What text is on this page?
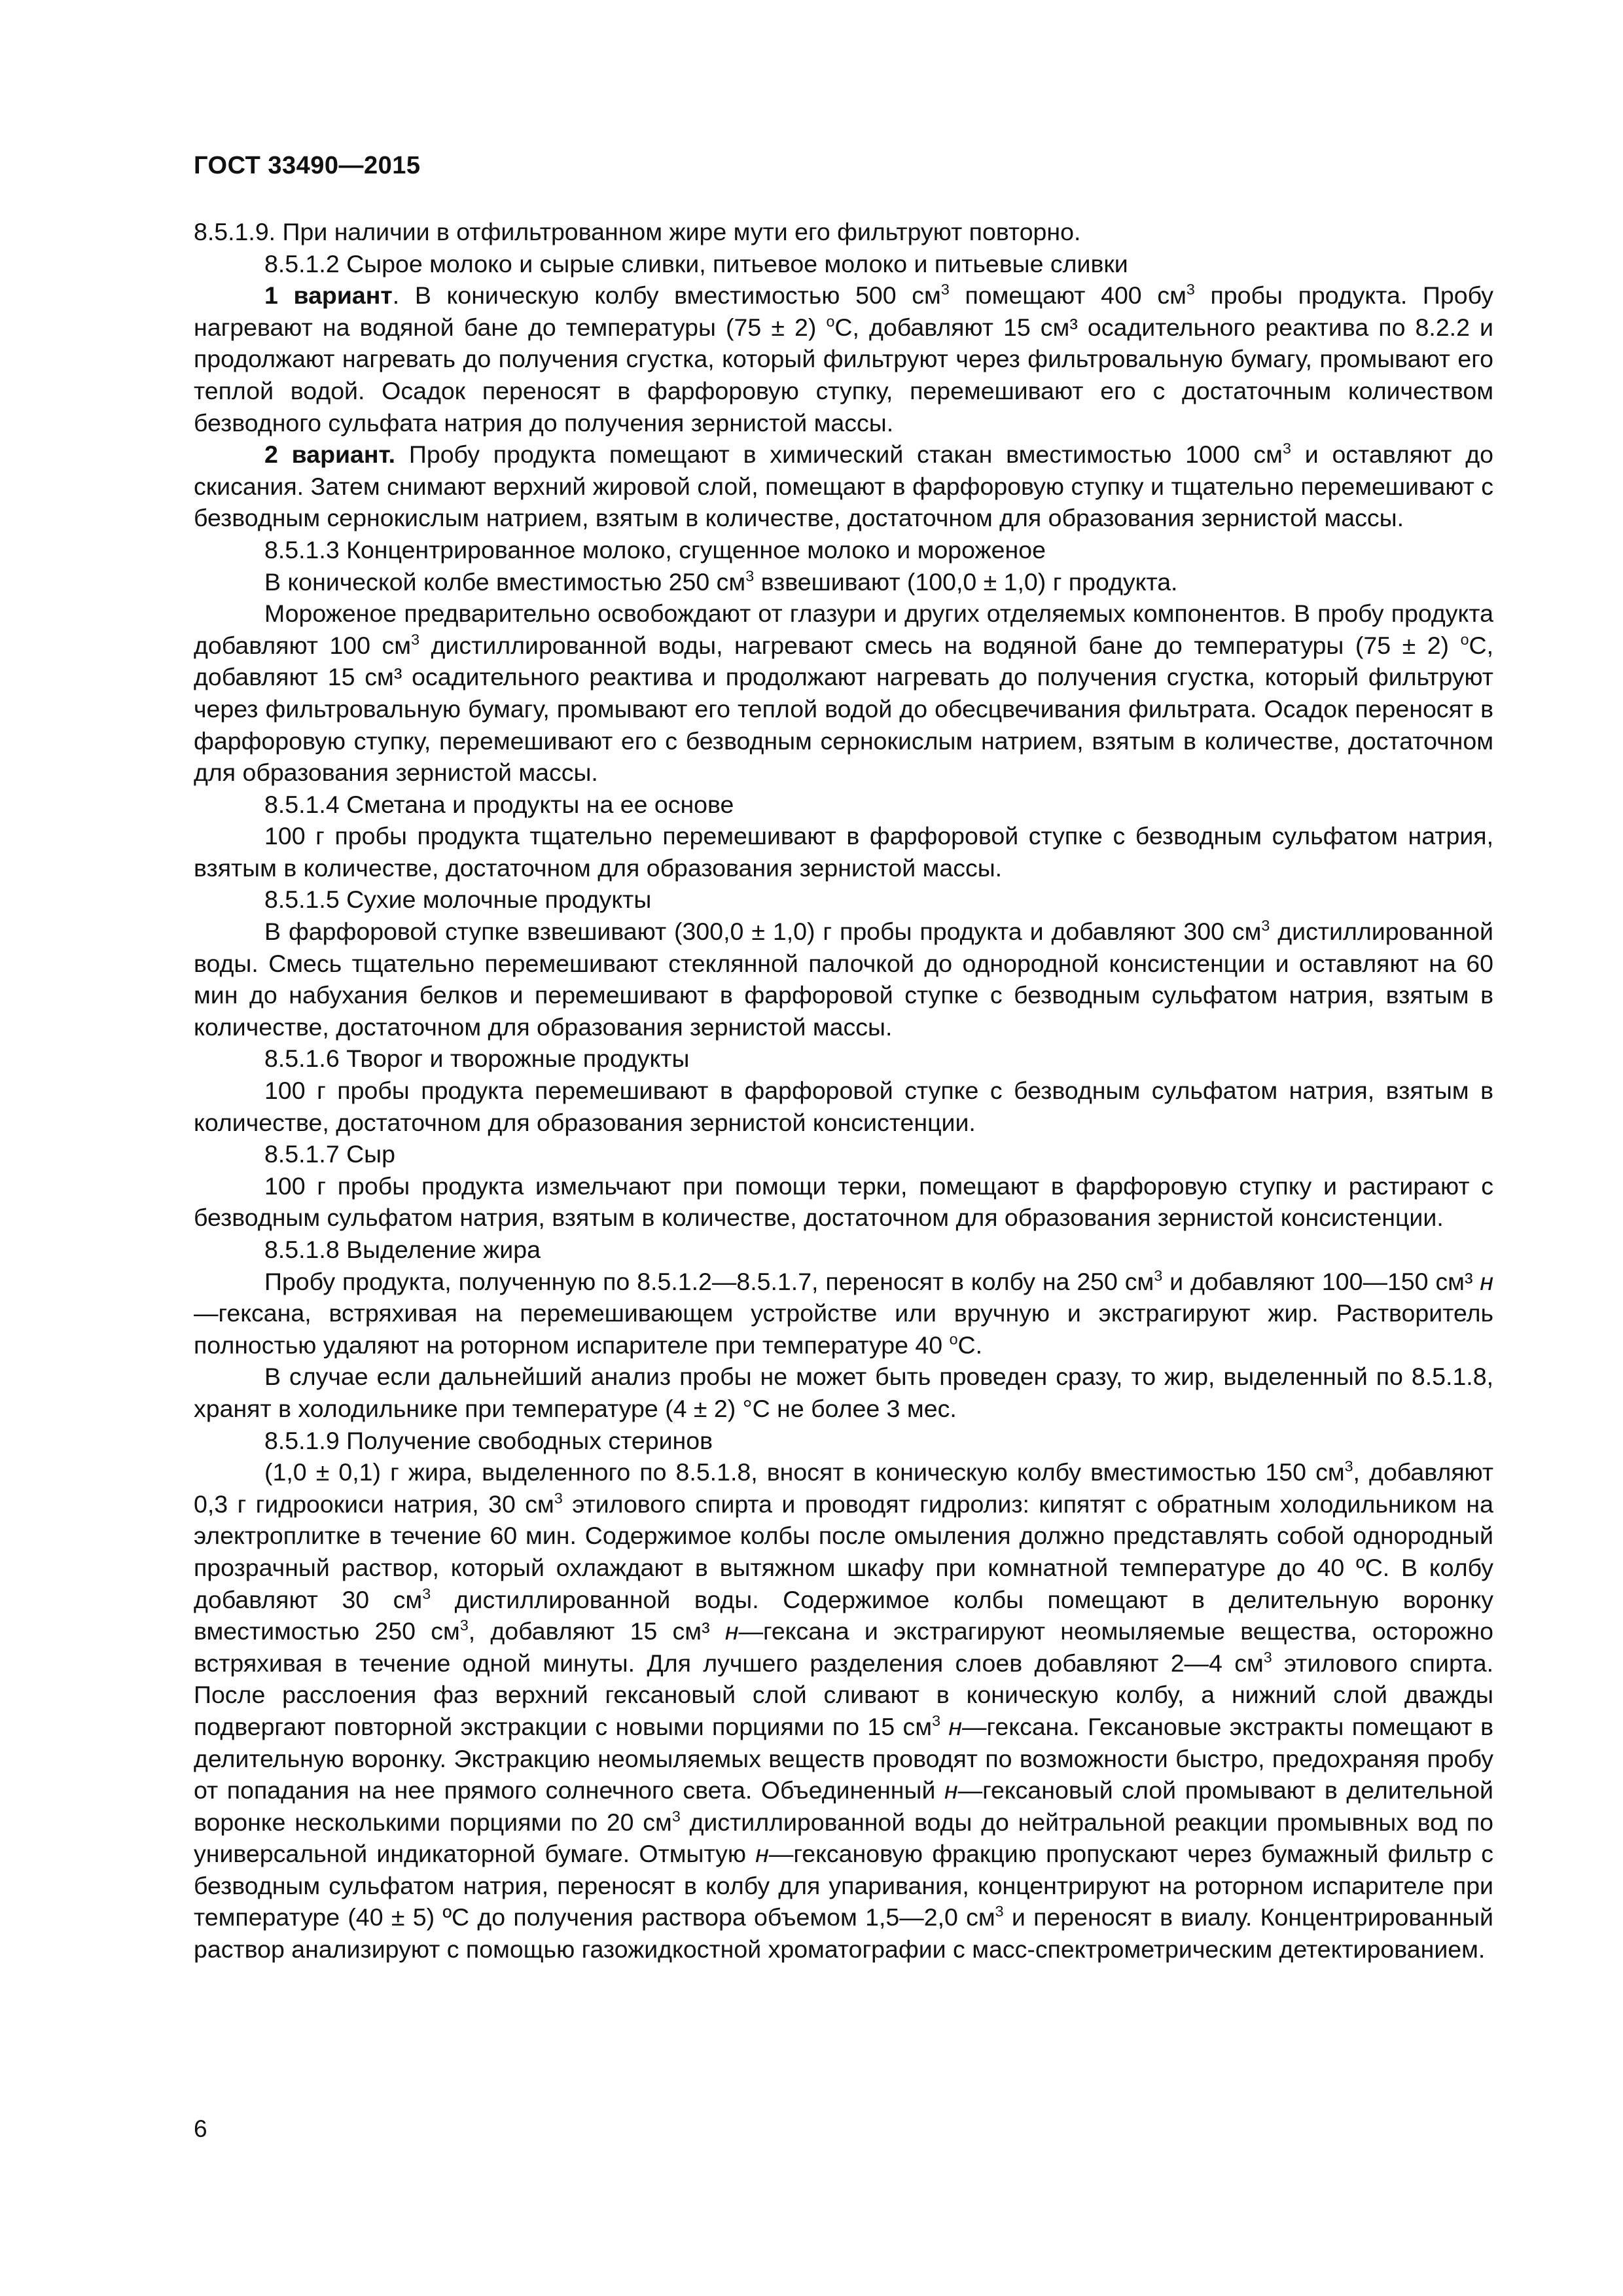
ГОСТ 33490—2015

8.5.1.9. При наличии в отфильтрованном жире мути его фильтруют повторно.

8.5.1.2 Сырое молоко и сырые сливки, питьевое молоко и питьевые сливки

1 вариант. В коническую колбу вместимостью 500 $см^3$ помещают 400 $см^3$ пробы продукта. Пробу нагревают на водяной бане до температуры (75 ± 2) $^о$С, добавляют 15 см³ осадительного реактива по 8.2.2 и продолжают нагревать до получения сгустка, который фильтруют через фильтровальную бумагу, промывают его теплой водой. Осадок переносят в фарфоровую ступку, перемешивают его с достаточным количеством безводного сульфата натрия до получения зернистой массы.

2 вариант. Пробу продукта помещают в химический стакан вместимостью 1000 $см^3$ и оставляют до скисания. Затем снимают верхний жировой слой, помещают в фарфоровую ступку и тщательно перемешивают с безводным сернокислым натрием, взятым в количестве, достаточном для образования зернистой массы.

8.5.1.3 Концентрированное молоко, сгущенное молоко и мороженое

В конической колбе вместимостью 250 $см^3$ взвешивают (100,0 ± 1,0) г продукта.

Мороженое предварительно освобождают от глазури и других отделяемых компонентов. В пробу продукта добавляют 100 $см^3$ дистиллированной воды, нагревают смесь на водяной бане до температуры (75 ± 2) $^о$С, добавляют 15 см³ осадительного реактива и продолжают нагревать до получения сгустка, который фильтруют через фильтровальную бумагу, промывают его теплой водой до обесцвечивания фильтрата. Осадок переносят в фарфоровую ступку, перемешивают его с безводным сернокислым натрием, взятым в количестве, достаточном для образования зернистой массы.

8.5.1.4 Сметана и продукты на ее основе

100 г пробы продукта тщательно перемешивают в фарфоровой ступке с безводным сульфатом натрия, взятым в количестве, достаточном для образования зернистой массы.

8.5.1.5 Сухие молочные продукты

В фарфоровой ступке взвешивают (300,0 ± 1,0) г пробы продукта и добавляют 300 $см^3$ дистиллированной воды. Смесь тщательно перемешивают стеклянной палочкой до однородной консистенции и оставляют на 60 мин до набухания белков и перемешивают в фарфоровой ступке с безводным сульфатом натрия, взятым в количестве, достаточном для образования зернистой массы.

8.5.1.6 Творог и творожные продукты

100 г пробы продукта перемешивают в фарфоровой ступке с безводным сульфатом натрия, взятым в количестве, достаточном для образования зернистой консистенции.

8.5.1.7 Сыр

100 г пробы продукта измельчают при помощи терки, помещают в фарфоровую ступку и растирают с безводным сульфатом натрия, взятым в количестве, достаточном для образования зернистой консистенции.

8.5.1.8 Выделение жира

Пробу продукта, полученную по 8.5.1.2—8.5.1.7, переносят в колбу на 250 $см^3$ и добавляют 100—150 см³ н—гексана, встряхивая на перемешивающем устройстве или вручную и экстрагируют жир. Растворитель полностью удаляют на роторном испарителе при температуре 40 $^о$С.

В случае если дальнейший анализ пробы не может быть проведен сразу, то жир, выделенный по 8.5.1.8, хранят в холодильнике при температуре (4 ± 2) °С не более 3 мес.

8.5.1.9 Получение свободных стеринов

(1,0 ± 0,1) г жира, выделенного по 8.5.1.8, вносят в коническую колбу вместимостью 150 $см^3$, добавляют 0,3 г гидроокиси натрия, 30 $см^3$ этилового спирта и проводят гидролиз: кипятят с обратным холодильником на электроплитке в течение 60 мин. Содержимое колбы после омыления должно представлять собой однородный прозрачный раствор, который охлаждают в вытяжном шкафу при комнатной температуре до 40 ºС. В колбу добавляют 30 $см^3$ дистиллированной воды. Содержимое колбы помещают в делительную воронку вместимостью 250 $см^3$, добавляют 15 см³ н—гексана и экстрагируют неомыляемые вещества, осторожно встряхивая в течение одной минуты. Для лучшего разделения слоев добавляют 2—4 $см^3$ этилового спирта. После расслоения фаз верхний гексановый слой сливают в коническую колбу, а нижний слой дважды подвергают повторной экстракции с новыми порциями по 15 $см^3$ н—гексана. Гексановые экстракты помещают в делительную воронку. Экстракцию неомыляемых веществ проводят по возможности быстро, предохраняя пробу от попадания на нее прямого солнечного света. Объединенный н—гексановый слой промывают в делительной воронке несколькими порциями по 20 $см^3$ дистиллированной воды до нейтральной реакции промывных вод по универсальной индикаторной бумаге. Отмытую н—гексановую фракцию пропускают через бумажный фильтр с безводным сульфатом натрия, переносят в колбу для упаривания, концентрируют на роторном испарителе при температуре (40 ± 5) ºС до получения раствора объемом 1,5—2,0 $см^3$ и переносят в виалу. Концентрированный раствор анализируют с помощью газожидкостной хроматографии с масс-спектрометрическим детектированием.

6
